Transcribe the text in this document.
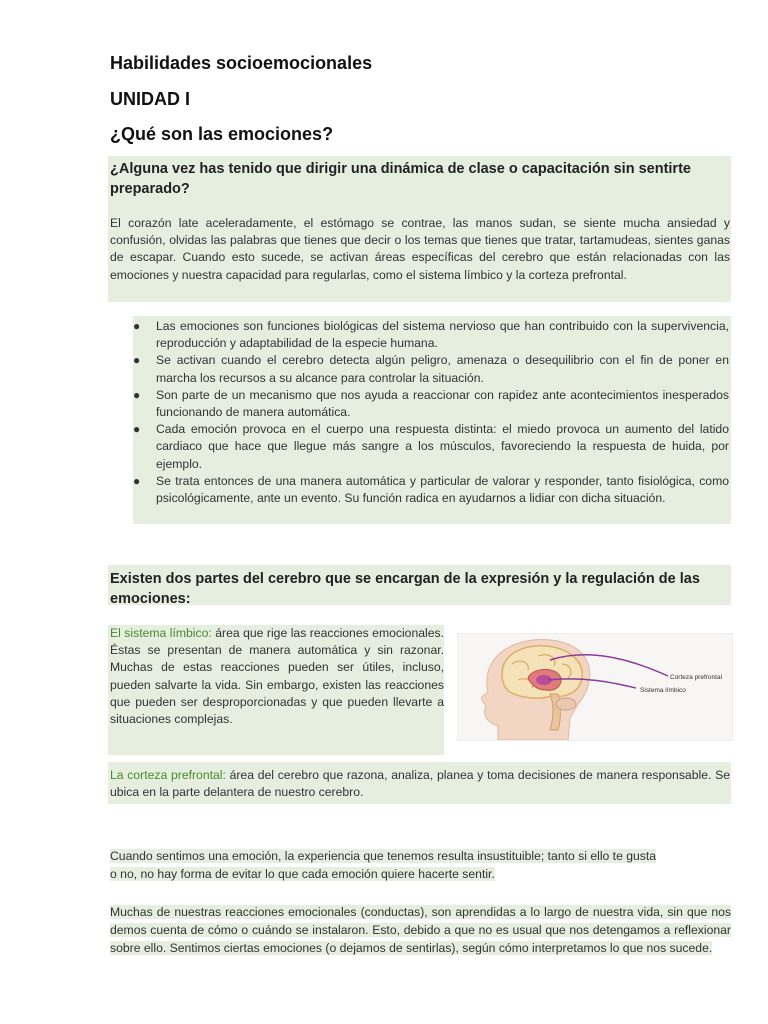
Habilidades socioemocionales
UNIDAD I
¿Qué son las emociones?
¿Alguna vez has tenido que dirigir una dinámica de clase o capacitación sin sentirte preparado?
El corazón late aceleradamente, el estómago se contrae, las manos sudan, se siente mucha ansiedad y confusión, olvidas las palabras que tienes que decir o los temas que tienes que tratar, tartamudeas, sientes ganas de escapar. Cuando esto sucede, se activan áreas específicas del cerebro que están relacionadas con las emociones y nuestra capacidad para regularlas, como el sistema límbico y la corteza prefrontal.
● Las emociones son funciones biológicas del sistema nervioso que han contribuido con la supervivencia, reproducción y adaptabilidad de la especie humana.
● Se activan cuando el cerebro detecta algún peligro, amenaza o desequilibrio con el fin de poner en marcha los recursos a su alcance para controlar la situación.
● Son parte de un mecanismo que nos ayuda a reaccionar con rapidez ante acontecimientos inesperados funcionando de manera automática.
● Cada emoción provoca en el cuerpo una respuesta distinta: el miedo provoca un aumento del latido cardiaco que hace que llegue más sangre a los músculos, favoreciendo la respuesta de huida, por ejemplo.
● Se trata entonces de una manera automática y particular de valorar y responder, tanto fisiológica, como psicológicamente, ante un evento. Su función radica en ayudarnos a lidiar con dicha situación.
Existen dos partes del cerebro que se encargan de la expresión y la regulación de las emociones:
El sistema límbico: área que rige las reacciones emocionales. Éstas se presentan de manera automática y sin razonar. Muchas de estas reacciones pueden ser útiles, incluso, pueden salvarte la vida. Sin embargo, existen las reacciones que pueden ser desproporcionadas y que pueden llevarte a situaciones complejas.
Corteza prefrontal
Sistema límbico
La corteza prefrontal: área del cerebro que razona, analiza, planea y toma decisiones de manera responsable. Se ubica en la parte delantera de nuestro cerebro.

Cuando sentimos una emoción, la experiencia que tenemos resulta insustituible; tanto si ello te gusta

o no, no hay forma de evitar lo que cada emoción quiere hacerte sentir.

Muchas de nuestras reacciones emocionales (conductas), son aprendidas a lo largo de nuestra vida, sin que nos demos cuenta de cómo o cuándo se instalaron. Esto, debido a que no es usual que nos detengamos a reflexionar sobre ello. Sentimos ciertas emociones (o dejamos de sentirlas), según cómo interpretamos lo que nos sucede.
